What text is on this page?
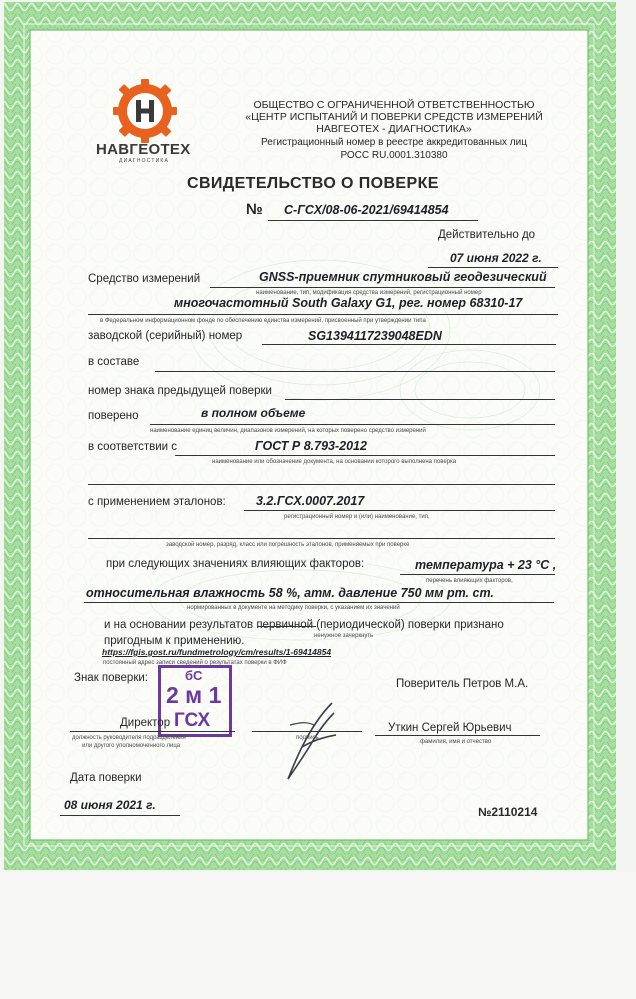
НАВГЕОТЕХ
ДИАГНОСТИКА
ОБЩЕСТВО С ОГРАНИЧЕННОЙ ОТВЕТСТВЕННОСТЬЮ
«ЦЕНТР ИСПЫТАНИЙ И ПОВЕРКИ СРЕДСТВ ИЗМЕРЕНИЙ
НАВГЕОТЕХ - ДИАГНОСТИКА»
Регистрационный номер в реестре аккредитованных лиц
РОСС RU.0001.310380
СВИДЕТЕЛЬСТВО О ПОВЕРКЕ
№ С-ГСХ/08-06-2021/69414854
Действительно до
07 июня 2022 г.
Средство измерений	GNSS-приемник спутниковый геодезический
наименование, тип, модификация средства измерений, регистрационный номер
многочастотный South Galaxy G1, рег. номер 68310-17
в Федеральном информационном фонде по обеспечению единства измерений, присвоенный при утверждении типа
заводской (серийный) номер	SG1394117239048EDN
в составе
номер знака предыдущей поверки
поверено	в полном объеме
наименование единиц величин, диапазонов измерений, на которых поверено средство измерений
в соответствии с	ГОСТ Р 8.793-2012
наименование или обозначение документа, на основании которого выполнена поверка
с применением эталонов: 3.2.ГСХ.0007.2017
регистрационный номер и (или) наименование, тип,
заводской номер, разряд, класс или погрешность эталонов, применяемых при поверке
при следующих значениях влияющих факторов:	температура + 23 °С ,
перечень влияющих факторов,
относительная влажность 58 %, атм. давление 750 мм рт. ст.
нормированных в документе на методику поверки, с указанием их значений
и на основании результатов первичной (периодической) поверки признано
ненужное зачеркнуть
пригодным к применению.
https://fgis.gost.ru/fundmetrology/cm/results/1-69414854
постоянный адрес записи сведений о результатах поверки в ФИФ
Знак поверки:	бС
2 м 1
ГСХ
Поверитель Петров М.А.
Директор
должность руководителя подразделения
или другого уполномоченного лица
подпись
Уткин Сергей Юрьевич
фамилия, имя и отчество
Дата поверки
08 июня 2021 г.	№2110214
